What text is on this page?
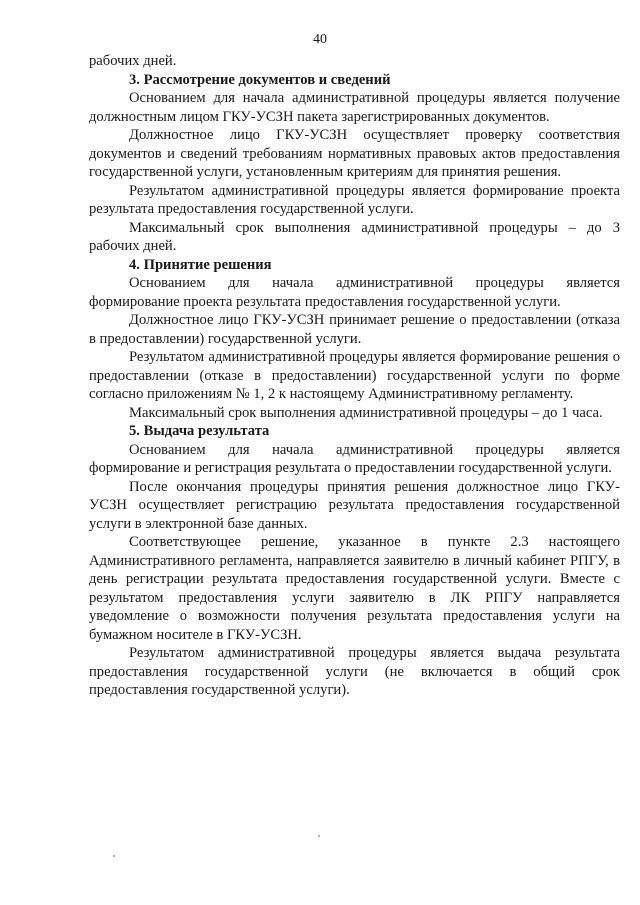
40

рабочих дней.

3. Рассмотрение документов и сведений

Основанием для начала административной процедуры является получение должностным лицом ГКУ-УСЗН пакета зарегистрированных документов.

Должностное лицо ГКУ-УСЗН осуществляет проверку соответствия документов и сведений требованиям нормативных правовых актов предоставления государственной услуги, установленным критериям для принятия решения.

Результатом административной процедуры является формирование проекта результата предоставления государственной услуги.

Максимальный срок выполнения административной процедуры – до 3 рабочих дней.

4. Принятие решения

Основанием для начала административной процедуры является формирование проекта результата предоставления государственной услуги.

Должностное лицо ГКУ-УСЗН принимает решение о предоставлении (отказа в предоставлении) государственной услуги.

Результатом административной процедуры является формирование решения о предоставлении (отказе в предоставлении) государственной услуги по форме согласно приложениям № 1, 2 к настоящему Административному регламенту.

Максимальный срок выполнения административной процедуры – до 1 часа.

5. Выдача результата

Основанием для начала административной процедуры является формирование и регистрация результата о предоставлении государственной услуги.

После окончания процедуры принятия решения должностное лицо ГКУ-УСЗН осуществляет регистрацию результата предоставления государственной услуги в электронной базе данных.

Соответствующее решение, указанное в пункте 2.3 настоящего Административного регламента, направляется заявителю в личный кабинет РПГУ, в день регистрации результата предоставления государственной услуги. Вместе с результатом предоставления услуги заявителю в ЛК РПГУ направляется уведомление о возможности получения результата предоставления услуги на бумажном носителе в ГКУ-УСЗН.

Результатом административной процедуры является выдача результата предоставления государственной услуги (не включается в общий срок предоставления государственной услуги).
